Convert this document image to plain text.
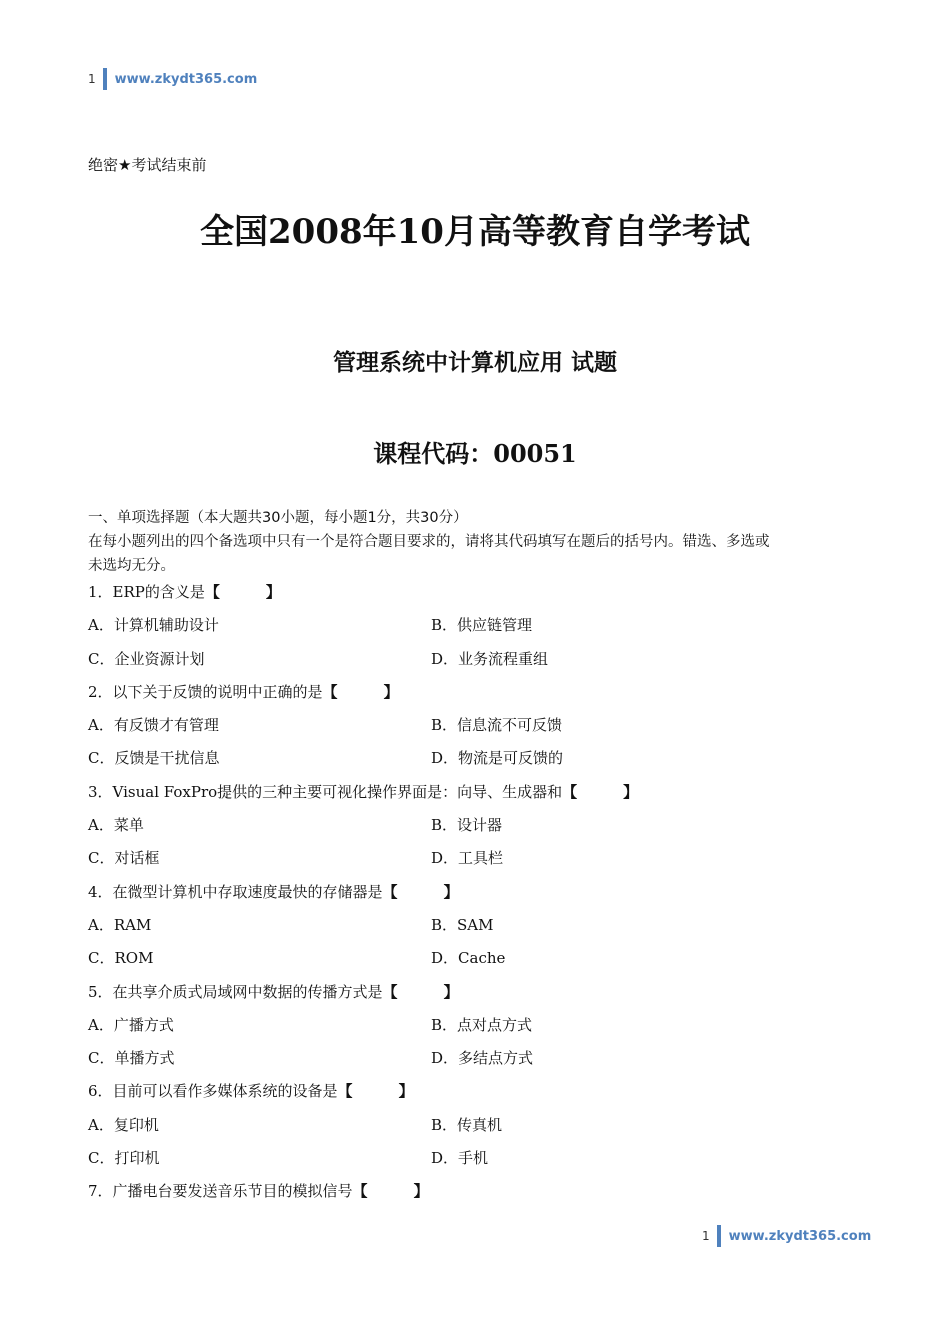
1 www.zkydt365.com
绝密★考试结束前
全国2008年10月高等教育自学考试
管理系统中计算机应用 试题
课程代码：00051
一、单项选择题（本大题共30小题，每小题1分，共30分）
在每小题列出的四个备选项中只有一个是符合题目要求的，请将其代码填写在题后的括号内。错选、多选或
未选均无分。
1．ERP的含义是【	】
A．计算机辅助设计	B．供应链管理
C．企业资源计划	D．业务流程重组
2．以下关于反馈的说明中正确的是【	】
A．有反馈才有管理	B．信息流不可反馈
C．反馈是干扰信息	D．物流是可反馈的
3．Visual FoxPro提供的三种主要可视化操作界面是：向导、生成器和【	】
A．菜单	B．设计器
C．对话框	D．工具栏
4．在微型计算机中存取速度最快的存储器是【	】
A．RAM	B．SAM
C．ROM	D．Cache
5．在共享介质式局域网中数据的传播方式是【	】
A．广播方式	B．点对点方式
C．单播方式	D．多结点方式
6．目前可以看作多媒体系统的设备是【	】
A．复印机	B．传真机
C．打印机	D．手机
7．广播电台要发送音乐节目的模拟信号【	】
1 www.zkydt365.com
